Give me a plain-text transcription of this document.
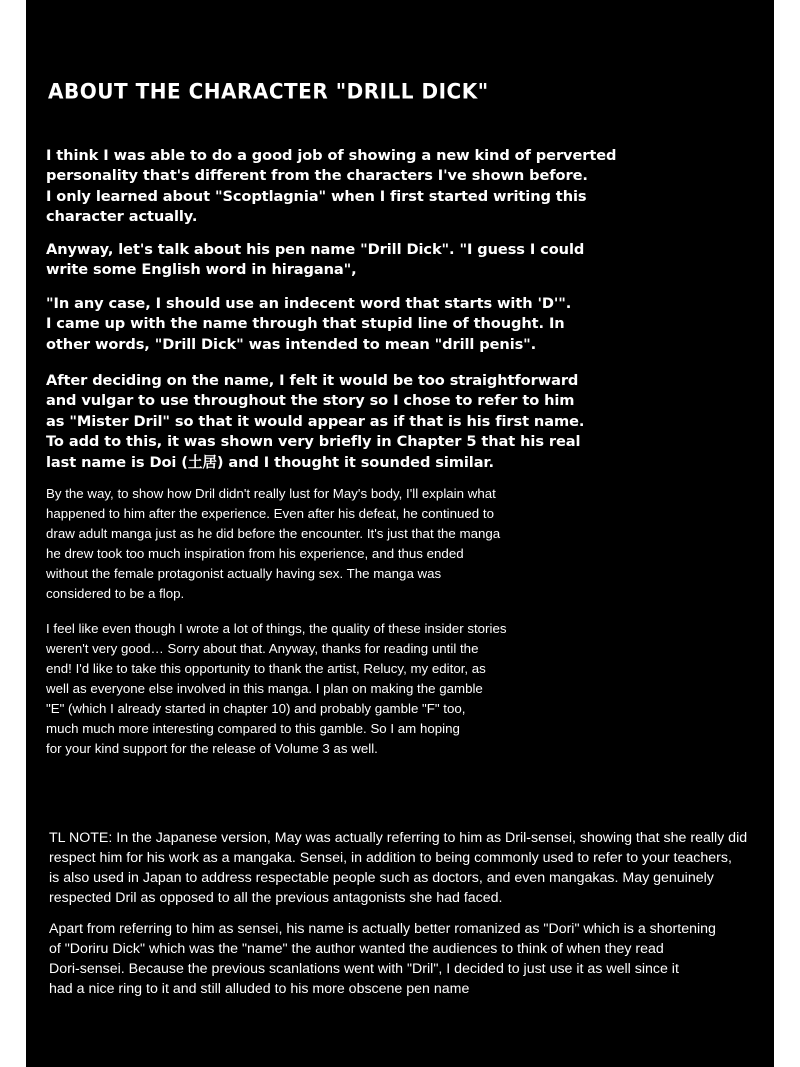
ABOUT THE CHARACTER "DRILL DICK"

I think I was able to do a good job of showing a new kind of perverted
personality that's different from the characters I've shown before.
I only learned about "Scoptlagnia" when I first started writing this
character actually.

Anyway, let's talk about his pen name "Drill Dick". "I guess I could
write some English word in hiragana",

"In any case, I should use an indecent word that starts with 'D'".
I came up with the name through that stupid line of thought. In
other words, "Drill Dick" was intended to mean "drill penis".

After deciding on the name, I felt it would be too straightforward
and vulgar to use throughout the story so I chose to refer to him
as "Mister Dril" so that it would appear as if that is his first name.
To add to this, it was shown very briefly in Chapter 5 that his real
last name is Doi (土居) and I thought it sounded similar.

By the way, to show how Dril didn't really lust for May's body, I'll explain what
happened to him after the experience. Even after his defeat, he continued to
draw adult manga just as he did before the encounter. It's just that the manga
he drew took too much inspiration from his experience, and thus ended
without the female protagonist actually having sex. The manga was
considered to be a flop.

I feel like even though I wrote a lot of things, the quality of these insider stories
weren't very good… Sorry about that. Anyway, thanks for reading until the
end! I'd like to take this opportunity to thank the artist, Relucy, my editor, as
well as everyone else involved in this manga. I plan on making the gamble
"E" (which I already started in chapter 10) and probably gamble "F" too,
much much more interesting compared to this gamble. So I am hoping
for your kind support for the release of Volume 3 as well.

TL NOTE: In the Japanese version, May was actually referring to him as Dril-sensei, showing that she really did
respect him for his work as a mangaka. Sensei, in addition to being commonly used to refer to your teachers,
is also used in Japan to address respectable people such as doctors, and even mangakas. May genuinely
respected Dril as opposed to all the previous antagonists she had faced.

Apart from referring to him as sensei, his name is actually better romanized as "Dori" which is a shortening
of "Doriru Dick" which was the "name" the author wanted the audiences to think of when they read
Dori-sensei. Because the previous scanlations went with "Dril", I decided to just use it as well since it
had a nice ring to it and still alluded to his more obscene pen name
